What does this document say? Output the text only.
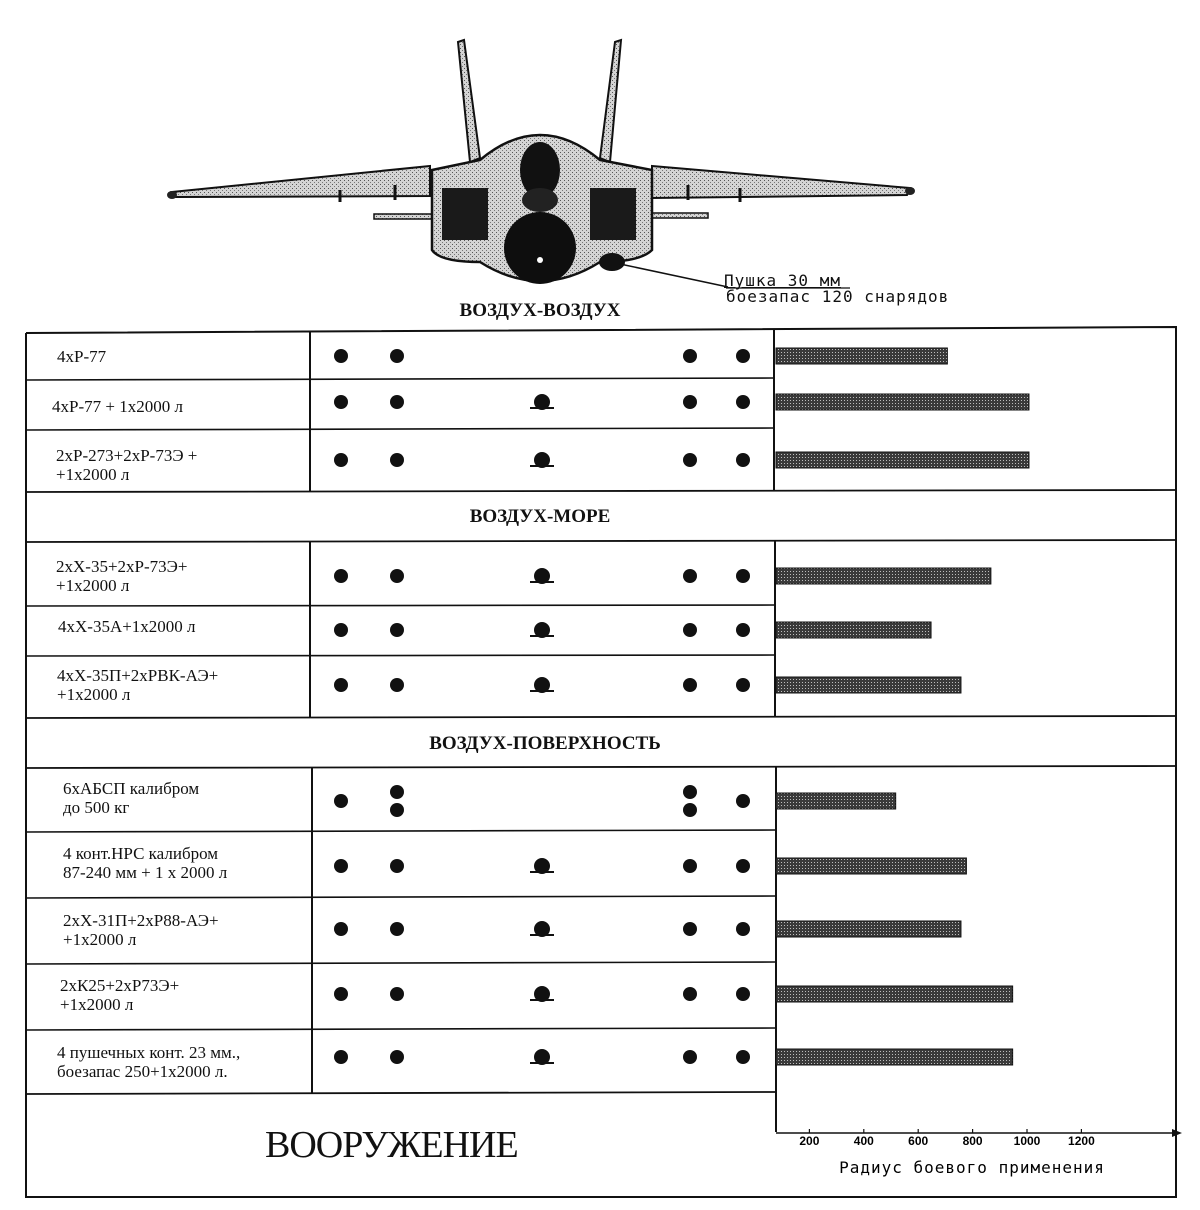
200	400	600	800	1000 1200
Радиус боевого применения
Пушка 30 мм
боезапас 120 снарядов
ВОЗДУХ-ВОЗДУХ
ВОЗДУХ-МОРЕ
ВОЗДУХ-ПОВЕРХНОСТЬ
4хР-77
4хР-77 + 1х2000 л
2хР-273+2хР-73Э +
+1х2000 л
2хХ-35+2хР-73Э+
+1х2000 л
4хХ-35А+1х2000 л
4хХ-35П+2хРВК-АЭ+
+1х2000 л
6хАБСП калибром
до 500 кг
4 конт.НРС калибром
87-240 мм + 1 х 2000 л
2хХ-31П+2хР88-АЭ+
+1х2000 л
2хК25+2хР73Э+
+1х2000 л
4 пушечных конт. 23 мм.,
боезапас 250+1х2000 л.
ВООРУЖЕНИЕ
